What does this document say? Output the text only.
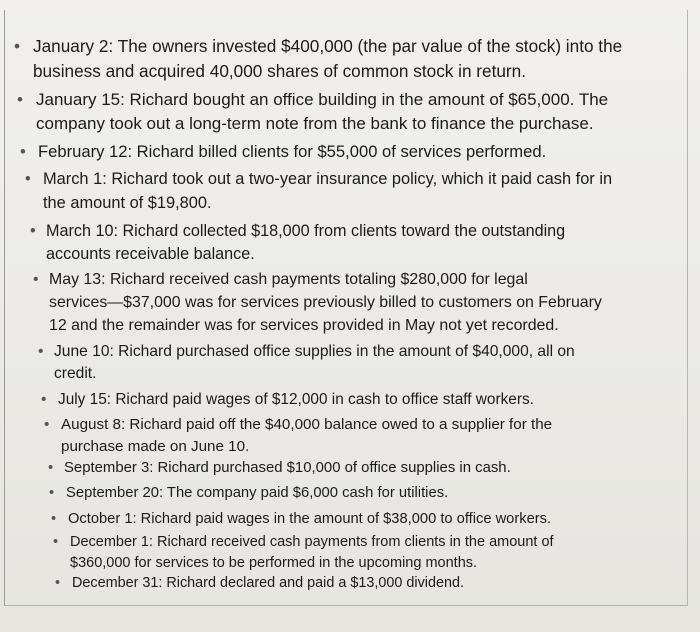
• January 2: The owners invested $400,000 (the par value of the stock) into the
business and acquired 40,000 shares of common stock in return.
• January 15: Richard bought an office building in the amount of $65,000. The
company took out a long-term note from the bank to finance the purchase.
• February 12: Richard billed clients for $55,000 of services performed.
• March 1: Richard took out a two-year insurance policy, which it paid cash for in
the amount of $19,800.
• March 10: Richard collected $18,000 from clients toward the outstanding
accounts receivable balance.
• May 13: Richard received cash payments totaling $280,000 for legal
services—$37,000 was for services previously billed to customers on February
12 and the remainder was for services provided in May not yet recorded.
• June 10: Richard purchased office supplies in the amount of $40,000, all on
credit.
• July 15: Richard paid wages of $12,000 in cash to office staff workers.
• August 8: Richard paid off the $40,000 balance owed to a supplier for the
purchase made on June 10.
• September 3: Richard purchased $10,000 of office supplies in cash.
• September 20: The company paid $6,000 cash for utilities.
• October 1: Richard paid wages in the amount of $38,000 to office workers.
• December 1: Richard received cash payments from clients in the amount of
$360,000 for services to be performed in the upcoming months.
• December 31: Richard declared and paid a $13,000 dividend.
